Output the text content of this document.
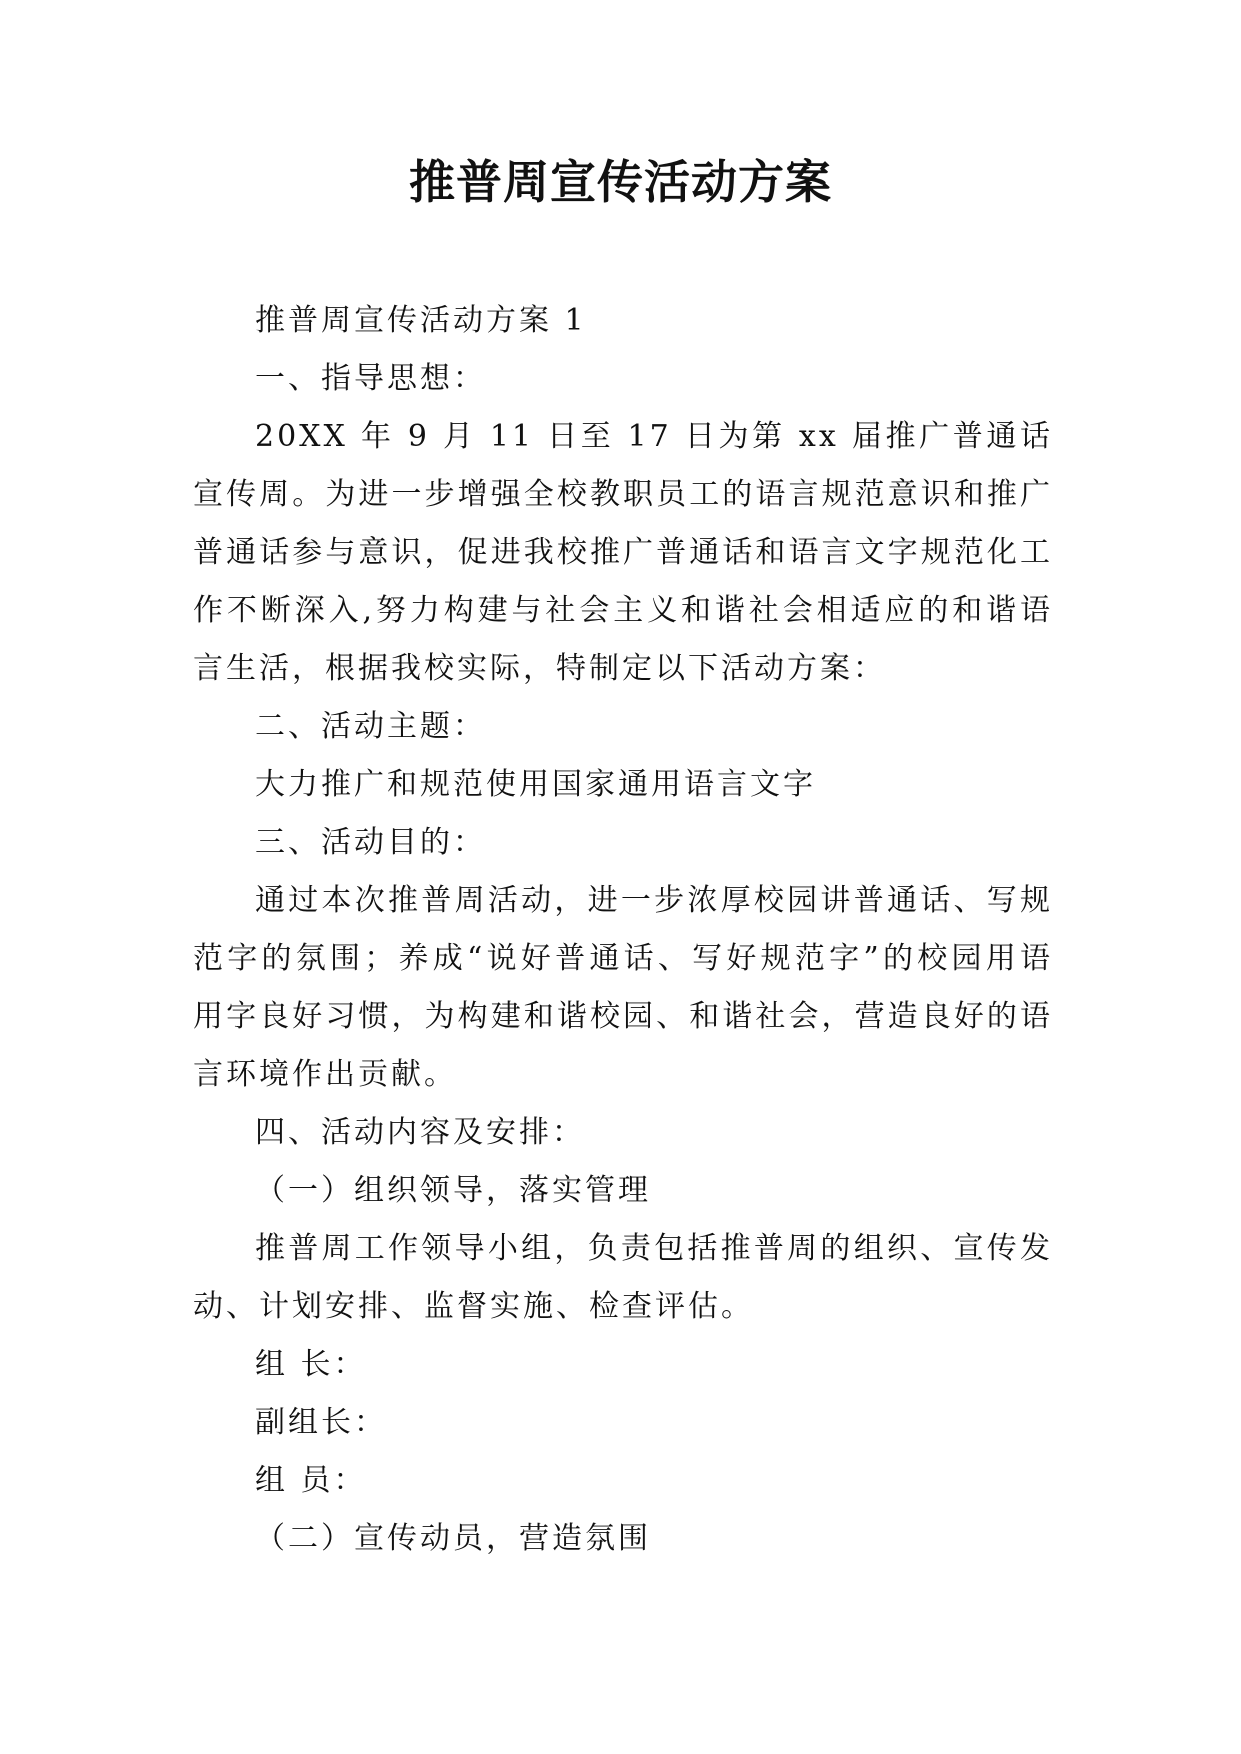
推普周宣传活动方案

推普周宣传活动方案 1

一、指导思想：

20XX 年 9 月 11 日至 17 日为第 xx 届推广普通话宣传周。为进一步增强全校教职员工的语言规范意识和推广普通话参与意识，促进我校推广普通话和语言文字规范化工作不断深入,努力构建与社会主义和谐社会相适应的和谐语言生活，根据我校实际，特制定以下活动方案：

二、活动主题：

大力推广和规范使用国家通用语言文字

三、活动目的：

通过本次推普周活动，进一步浓厚校园讲普通话、写规范字的氛围；养成“说好普通话、写好规范字”的校园用语用字良好习惯，为构建和谐校园、和谐社会，营造良好的语言环境作出贡献。

四、活动内容及安排：

（一）组织领导，落实管理

推普周工作领导小组，负责包括推普周的组织、宣传发动、计划安排、监督实施、检查评估。

组 长：

副组长：

组 员：

（二）宣传动员，营造氛围
